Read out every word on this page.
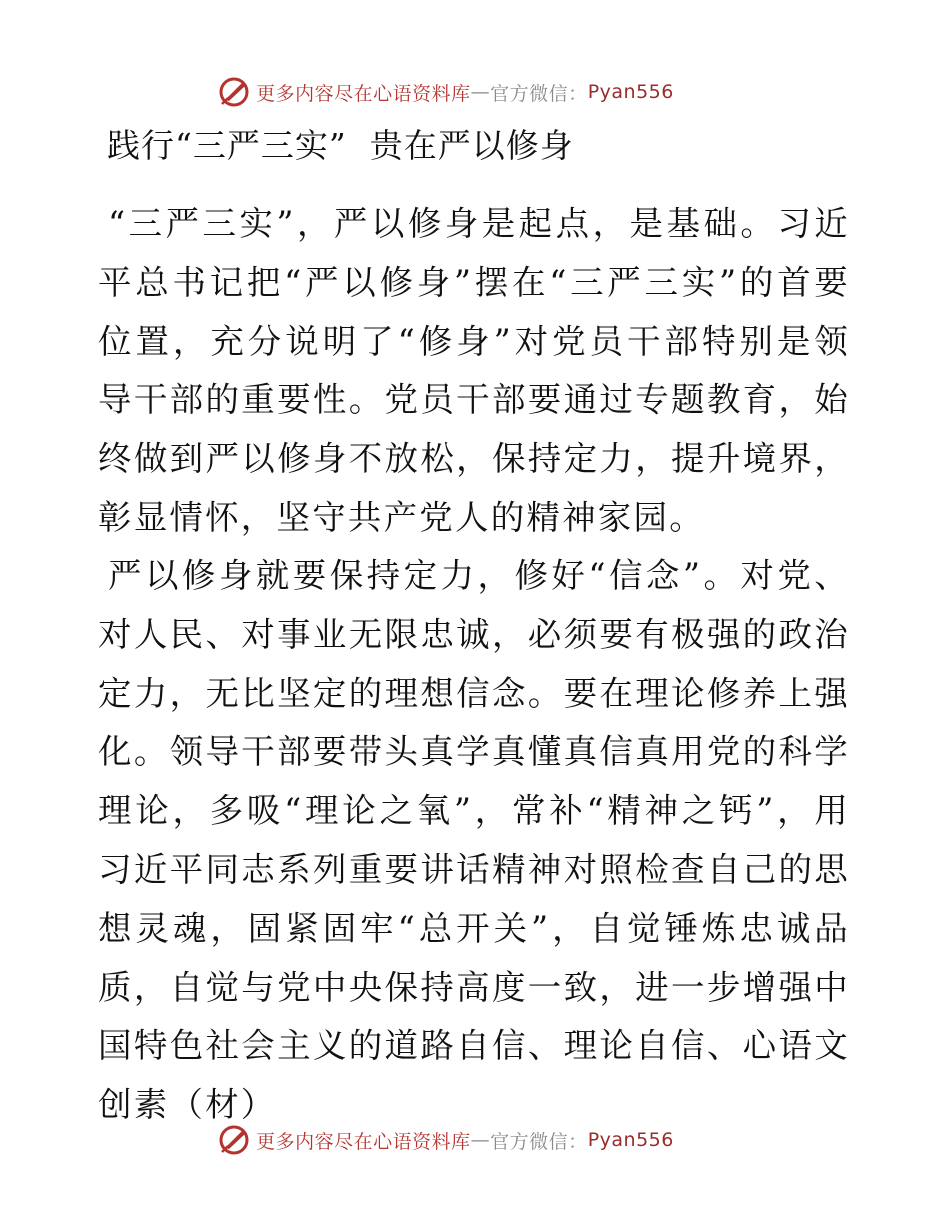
更多内容尽在心语资料库 — 官方微信： Pyan556
践行“三严三实”  贵在严以修身

“三严三实”，严以修身是起点，是基础。习近平总书记把“严以修身”摆在“三严三实”的首要位置，充分说明了“修身”对党员干部特别是领导干部的重要性。党员干部要通过专题教育，始终做到严以修身不放松，保持定力，提升境界，彰显情怀，坚守共产党人的精神家园。

严以修身就要保持定力，修好“信念”。对党、对人民、对事业无限忠诚，必须要有极强的政治定力，无比坚定的理想信念。要在理论修养上强化。领导干部要带头真学真懂真信真用党的科学理论，多吸“理论之氧”，常补“精神之钙”，用习近平同志系列重要讲话精神对照检查自己的思想灵魂，固紧固牢“总开关”，自觉锤炼忠诚品质，自觉与党中央保持高度一致，进一步增强中国特色社会主义的道路自信、理论自信、心语文创素（材）

更多内容尽在心语资料库 — 官方微信： Pyan556
